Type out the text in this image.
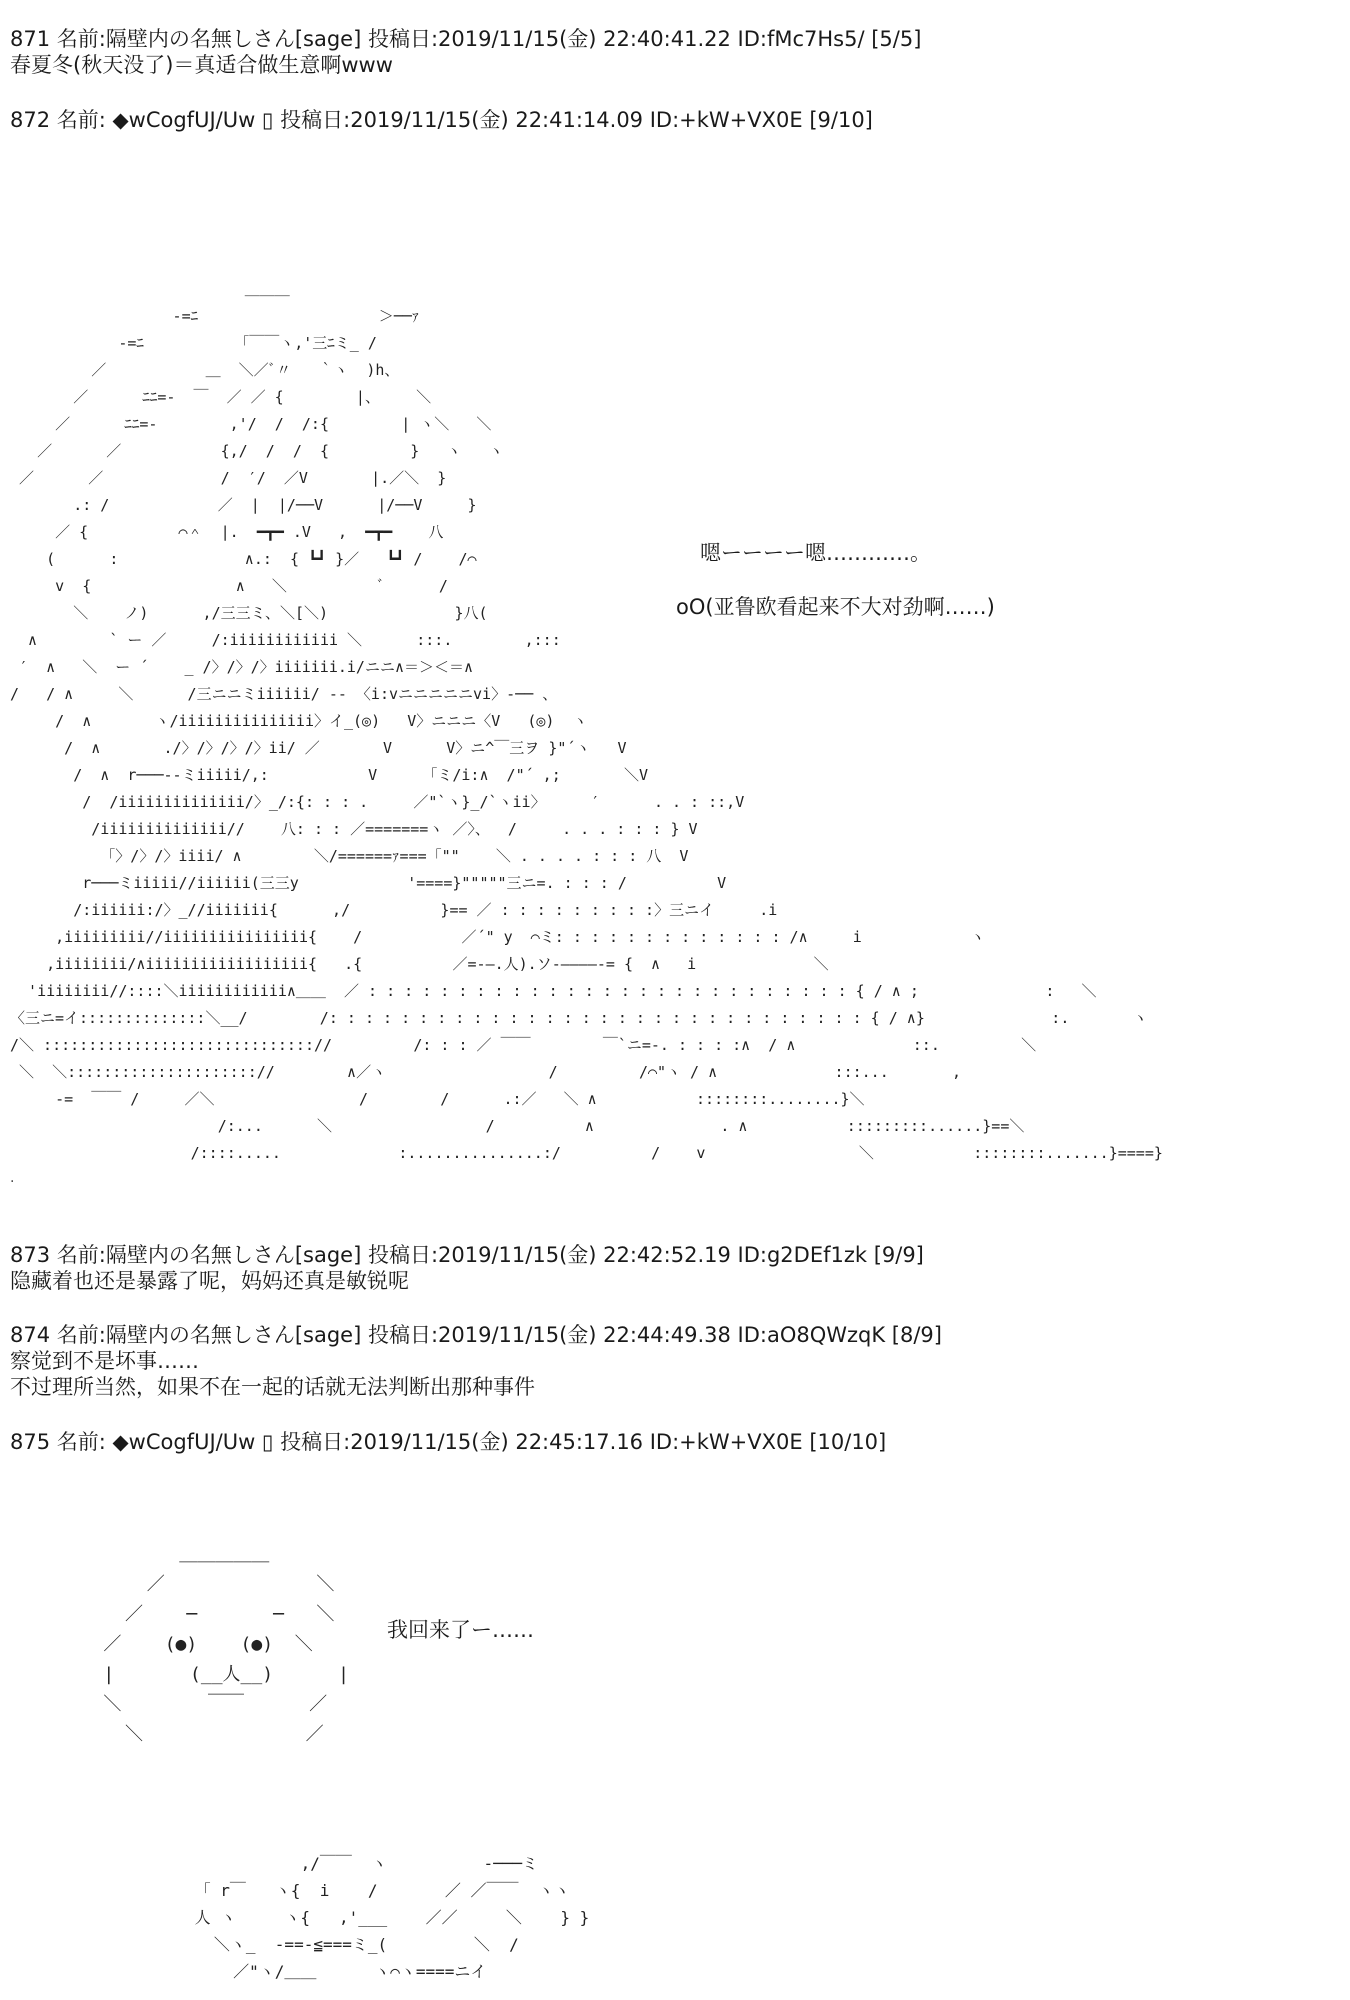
871 名前:隔壁内の名無しさん[sage] 投稿日:2019/11/15(金) 22:40:41.22 ID:fMc7Hs5/ [5/5]
春夏冬(秋天没了)＝真适合做生意啊www
872 名前: ◆wCogfUJ/Uw ▯ 投稿日:2019/11/15(金) 22:41:14.09 ID:+kW+VX0E [9/10]
＿＿＿
-=ﾆ                    ＞──ｧ
-=ﾆ          「￣￣ヽ,'三ﾆミ_ /
／           ＿  ＼／ﾞ〃   ｀ヽ  )h、
／      ﾆﾆ=-  ￣  ／ ／ {        |、    ＼
／      ﾆﾆ=-        ,'/  /  /:{        | ヽ＼   ＼
／      ／           {,/  /  /  {         }   ヽ   ヽ
／      ／             /  ′/  ／V       |.／＼  }
.: /            ／  |  |/──V      |/──V     }
／ {          ⌒＾  |.  ━┳━ .V   ,  ━┳━    八
(      :              ∧.:  { ┗┛ }／   ┗┛ /    /⌒
v  {                ∧   ＼          ﾞ      /
＼    ノ)      ,/三三ミ、＼[＼)              }八(
∧        ` ー ／     /:iiiiiiiiiiii ＼      :::.        ,:::
′  ∧   ＼  ー ´    _ /〉/〉/〉iiiiiii.i/ニニ∧＝＞＜＝∧
/   / ∧     ＼      /三ニニミiiiiii/ -- 〈i:vニニニニニvi〉-── 、
/  ∧       ヽ/iiiiiiiiiiiiiii〉イ_(◎)   V〉ニニニ〈V   (◎)  ヽ
/  ∧       ./〉/〉/〉/〉ii/ ／       V      V〉ニ^￣三ヲ }"´ヽ   V
/  ∧  r───--ミiiiii/,:           V     「ミ/i:∧  /"´ ,;       ＼V
/  /iiiiiiiiiiiiii/〉_/:{: : : .     ／"`ヽ}_/`ヽii〉     ′      . . : ::,V
/iiiiiiiiiiiiii//    八: : : ／=======ヽ ／〉、  /     . . . : : : } V
「〉/〉/〉iiii/ ∧        ＼/======ｧ===「""    ＼ . . . . : : : 八  V
r───ミiiiii//iiiiii(三三y            '====}"""""三ニ=. : : : /          V
/:iiiiii:/〉_//iiiiiii{      ,/          }== ／ : : : : : : : : :〉三ニイ     .i
,iiiiiiiii//iiiiiiiiiiiiiiii{    /           ／´" y  ⌒ミ: : : : : : : : : : : : : /∧     i            ヽ
,iiiiiiii/∧iiiiiiiiiiiiiiiiii{   .{          ／=-―.人).ソ-――――-= {  ∧   i             ＼
'iiiiiiii//::::＼iiiiiiiiiiii∧＿＿  ／ : : : : : : : : : : : : : : : : : : : : : : : : : : : { / ∧ ;              :   ＼
〈三ニ=イ::::::::::::::＼__/        /: : : : : : : : : : : : : : : : : : : : : : : : : : : : : : { / ∧}              :.       ヽ
/＼ :::::::::::::::::::::::::::::://         /: : : ／ ￣￣        ￣`ニ=-. : : : :∧  / ∧             ::.         ＼
＼  ＼::::::::::::::::::::://        ∧／ヽ                  /         /⌒"ヽ / ∧             :::...       ,
-=  ￣￣ /     ／＼                /        /      .:／   ＼ ∧           ::::::::........}＼
/:...      ＼                 /          ∧              . ∧           :::::::::......}==＼
/::::.....             :...............:/          /    v                 ＼           ::::::::.......}====}
嗯ーーーー嗯…………。
oO(亚鲁欧看起来不大对劲啊……)
.
873 名前:隔壁内の名無しさん[sage] 投稿日:2019/11/15(金) 22:42:52.19 ID:g2DEf1zk [9/9]
隐藏着也还是暴露了呢，妈妈还真是敏锐呢
874 名前:隔壁内の名無しさん[sage] 投稿日:2019/11/15(金) 22:44:49.38 ID:aO8QWzqK [8/9]
察觉到不是坏事……
不过理所当然，如果不在一起的话就无法判断出那种事件
875 名前: ◆wCogfUJ/Uw ▯ 投稿日:2019/11/15(金) 22:45:17.16 ID:+kW+VX0E [10/10]
＿＿＿＿＿
／              ＼
／    ─       ─   ＼
／    (●)    (●)  ＼
|       (__人__)      |
＼        ￣￣      ／
＼               ／
我回来了ー……
,/￣￣  ヽ          -───ミ
「 r￣   ヽ{  i    /       ／ ／￣￣  ヽヽ
人 ヽ     ヽ{   ,'___    ／／     ＼    } }
＼ヽ_  -==-≦===ミ_(         ＼  /
／"ヽ/＿＿      ヽ⌒ヽ====ニイ
